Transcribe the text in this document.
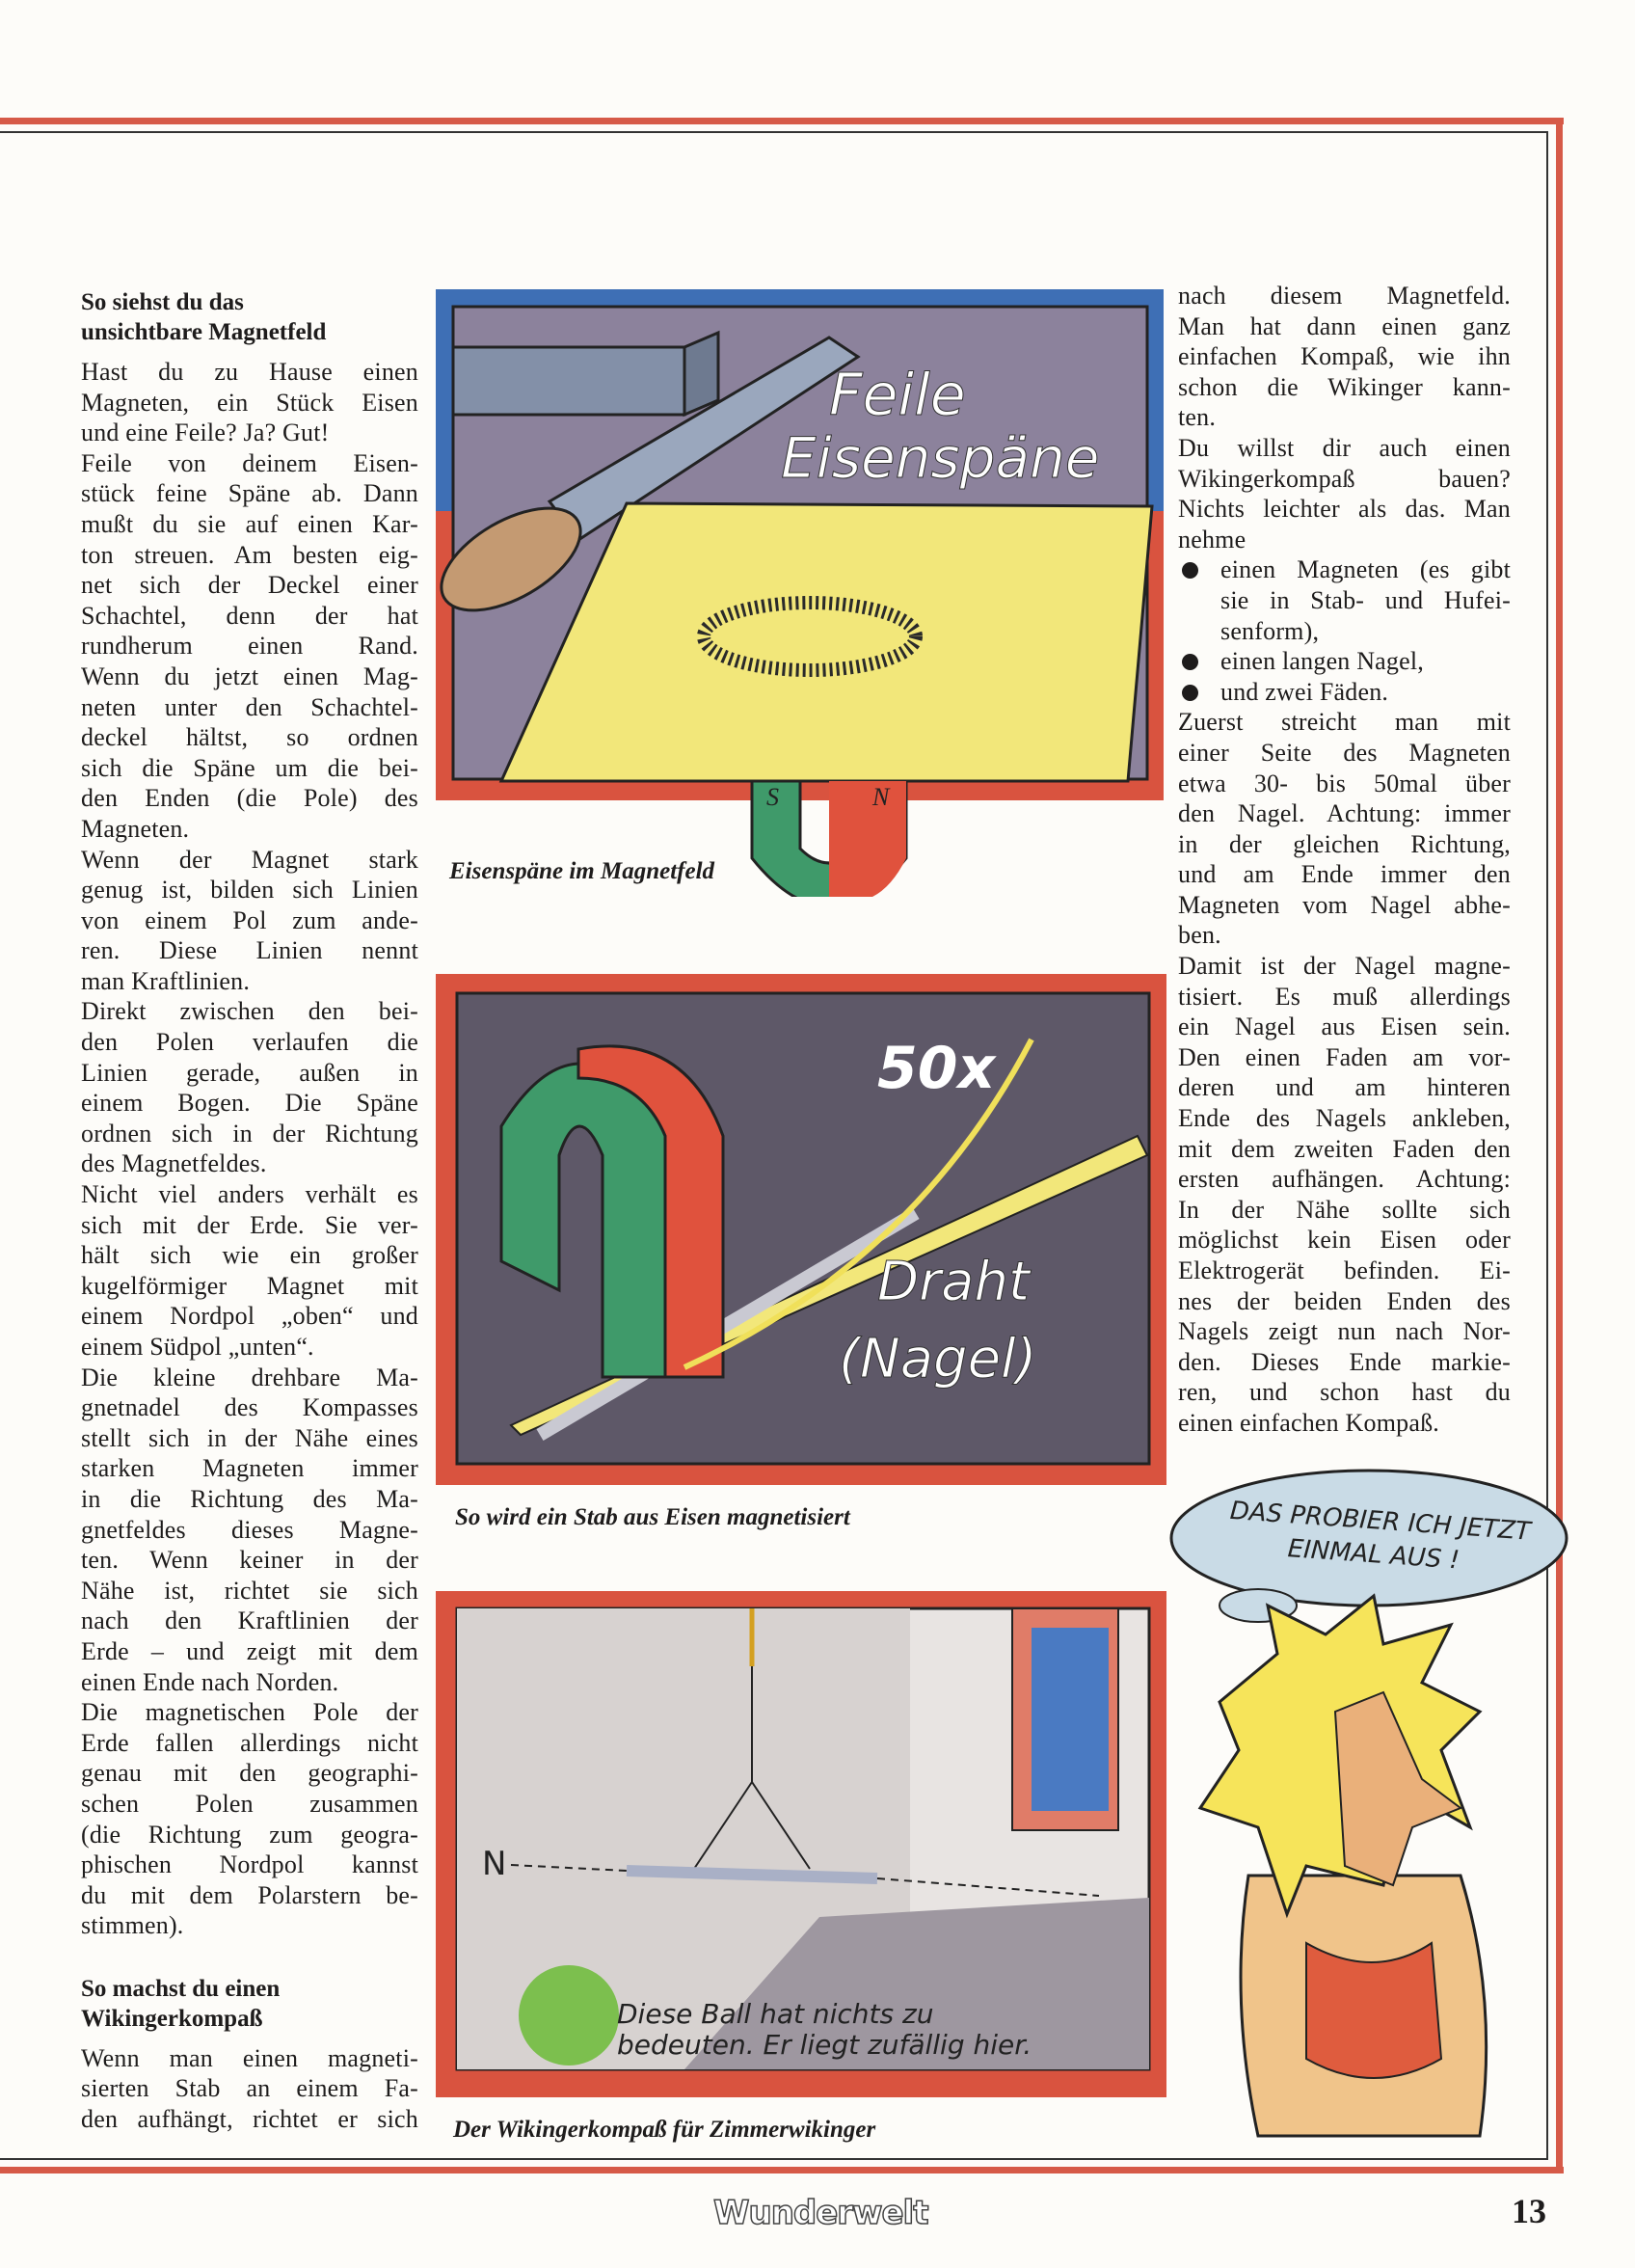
So siehst du das
unsichtbare Magnetfeld
Hast du zu Hause einen
Magneten, ein Stück Eisen
und eine Feile? Ja? Gut!
Feile von deinem Eisen-
stück feine Späne ab. Dann
mußt du sie auf einen Kar-
ton streuen. Am besten eig-
net sich der Deckel einer
Schachtel, denn der hat
rundherum einen Rand.
Wenn du jetzt einen Mag-
neten unter den Schachtel-
deckel hältst, so ordnen
sich die Späne um die bei-
den Enden (die Pole) des
Magneten.
Wenn der Magnet stark
genug ist, bilden sich Linien
von einem Pol zum ande-
ren. Diese Linien nennt
man Kraftlinien.
Direkt zwischen den bei-
den Polen verlaufen die
Linien gerade, außen in
einem Bogen. Die Späne
ordnen sich in der Richtung
des Magnetfeldes.
Nicht viel anders verhält es
sich mit der Erde. Sie ver-
hält sich wie ein großer
kugelförmiger Magnet mit
einem Nordpol „oben“ und
einem Südpol „unten“.
Die kleine drehbare Ma-
gnetnadel des Kompasses
stellt sich in der Nähe eines
starken Magneten immer
in die Richtung des Ma-
gnetfeldes dieses Magne-
ten. Wenn keiner in der
Nähe ist, richtet sie sich
nach den Kraftlinien der
Erde – und zeigt mit dem
einen Ende nach Norden.
Die magnetischen Pole der
Erde fallen allerdings nicht
genau mit den geographi-
schen Polen zusammen
(die Richtung zum geogra-
phischen Nordpol kannst
du mit dem Polarstern be-
stimmen).
So machst du einen
Wikingerkompaß
Wenn man einen magneti-
sierten Stab an einem Fa-
den aufhängt, richtet er sich
nach diesem Magnetfeld.
Man hat dann einen ganz
einfachen Kompaß, wie ihn
schon die Wikinger kann-
ten.
Du willst dir auch einen
Wikingerkompaß bauen?
Nichts leichter als das. Man
nehme
einen Magneten (es gibt
sie in Stab- und Hufei-
senform),
einen langen Nagel,
und zwei Fäden.
Zuerst streicht man mit
einer Seite des Magneten
etwa 30- bis 50mal über
den Nagel. Achtung: immer
in der gleichen Richtung,
und am Ende immer den
Magneten vom Nagel abhe-
ben.
Damit ist der Nagel magne-
tisiert. Es muß allerdings
ein Nagel aus Eisen sein.
Den einen Faden am vor-
deren und am hinteren
Ende des Nagels ankleben,
mit dem zweiten Faden den
ersten aufhängen. Achtung:
In der Nähe sollte sich
möglichst kein Eisen oder
Elektrogerät befinden. Ei-
nes der beiden Enden des
Nagels zeigt nun nach Nor-
den. Dieses Ende markie-
ren, und schon hast du
einen einfachen Kompaß.
S	N
Feile
Eisenspäne
Eisenspäne im Magnetfeld
50x
Draht
(Nagel)
So wird ein Stab aus Eisen magnetisiert
N
Diese Ball hat nichts zu
bedeuten. Er liegt zufällig hier.
Der Wikingerkompaß für Zimmerwikinger
DAS PROBIER ICH JETZT
EINMAL AUS !
Wunderwelt	13
